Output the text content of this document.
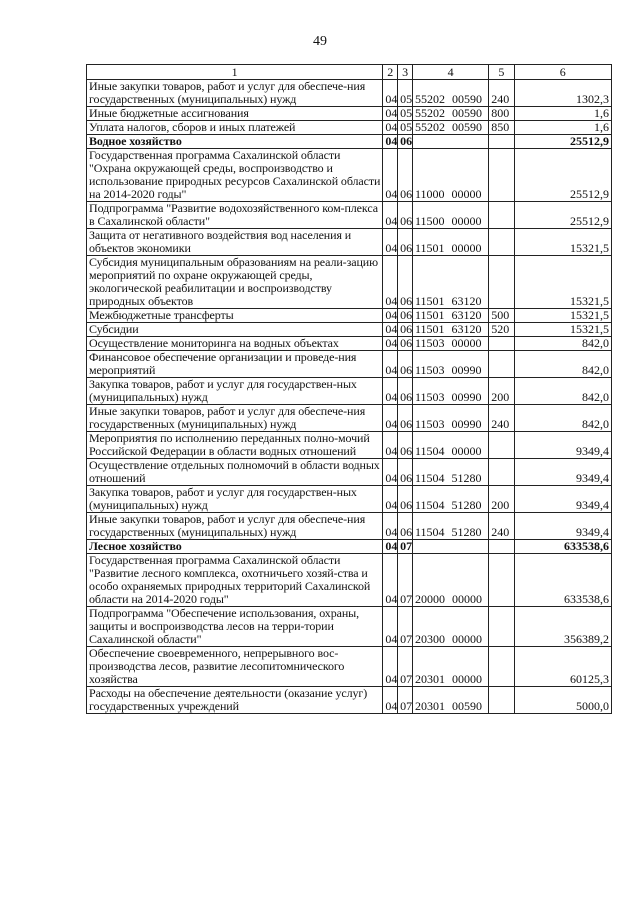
49
1	2	3	4	5	6
Иные закупки товаров, работ и услуг для обеспече-ния государственных (муниципальных) нужд	04	05	55202 00590	240	1302,3
Иные бюджетные ассигнования	04	05	55202 00590	800	1,6
Уплата налогов, сборов и иных платежей	04	05	55202 00590	850	1,6
Водное хозяйство	04	06			25512,9
Государственная программа Сахалинской области "Охрана окружающей среды, воспроизводство и использование природных ресурсов Сахалинской области на 2014-2020 годы"	04	06	11000 00000		25512,9
Подпрограмма "Развитие водохозяйственного ком-плекса в Сахалинской области"	04	06	11500 00000		25512,9
Защита от негативного воздействия вод населения и объектов экономики	04	06	11501 00000		15321,5
Субсидия муниципальным образованиям на реали-зацию мероприятий по охране окружающей среды, экологической реабилитации и воспроизводству природных объектов	04	06	11501 63120		15321,5
Межбюджетные трансферты	04	06	11501 63120	500	15321,5
Субсидии	04	06	11501 63120	520	15321,5
Осуществление мониторинга на водных объектах	04	06	11503 00000		842,0
Финансовое обеспечение организации и проведе-ния мероприятий	04	06	11503 00990		842,0
Закупка товаров, работ и услуг для государствен-ных (муниципальных) нужд	04	06	11503 00990	200	842,0
Иные закупки товаров, работ и услуг для обеспече-ния государственных (муниципальных) нужд	04	06	11503 00990	240	842,0
Мероприятия по исполнению переданных полно-мочий Российской Федерации в области водных отношений	04	06	11504 00000		9349,4
Осуществление отдельных полномочий в области водных отношений	04	06	11504 51280		9349,4
Закупка товаров, работ и услуг для государствен-ных (муниципальных) нужд	04	06	11504 51280	200	9349,4
Иные закупки товаров, работ и услуг для обеспече-ния государственных (муниципальных) нужд	04	06	11504 51280	240	9349,4
Лесное хозяйство	04	07			633538,6
Государственная программа Сахалинской области "Развитие лесного комплекса, охотничьего хозяй-ства и особо охраняемых природных территорий Сахалинской области на 2014-2020 годы"	04	07	20000 00000		633538,6
Подпрограмма "Обеспечение использования, охраны, защиты и воспроизводства лесов на терри-тории Сахалинской области"	04	07	20300 00000		356389,2
Обеспечение своевременного, непрерывного вос-производства лесов, развитие лесопитомнического хозяйства	04	07	20301 00000		60125,3
Расходы на обеспечение деятельности (оказание услуг) государственных учреждений	04	07	20301 00590		5000,0
